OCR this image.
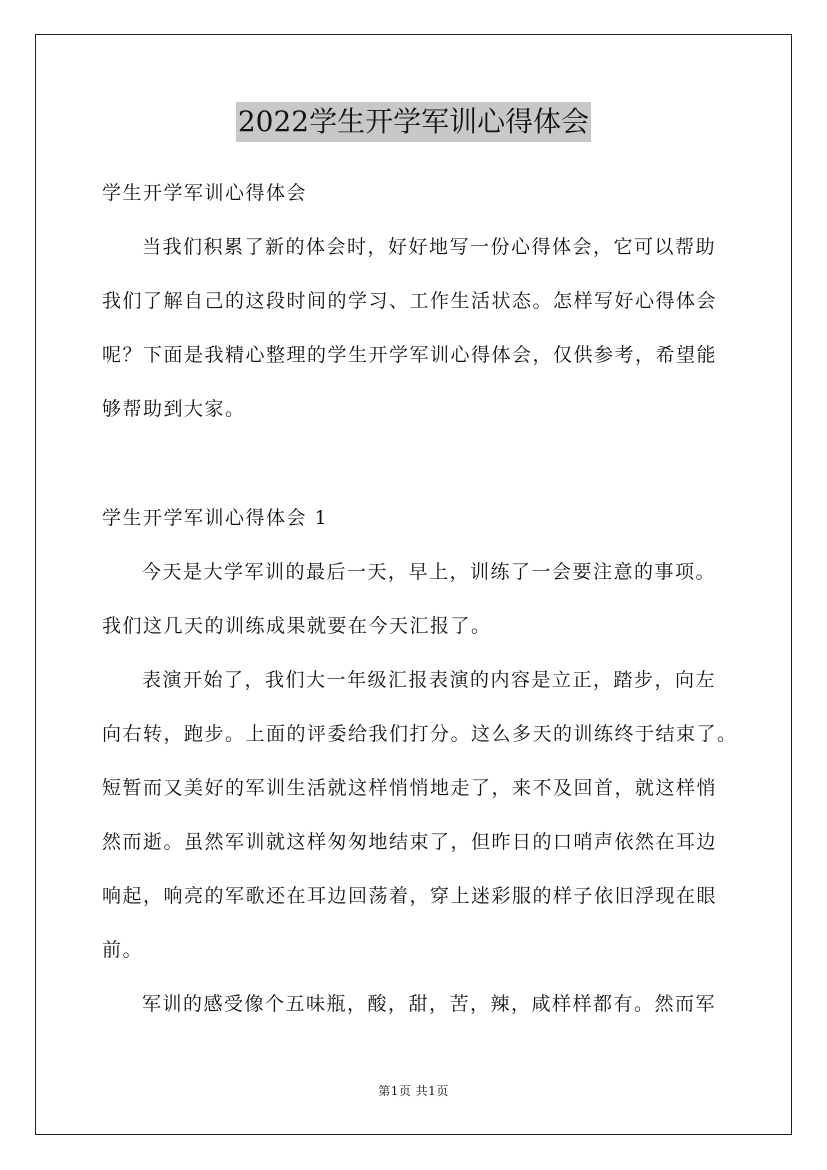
2022学生开学军训心得体会
学生开学军训心得体会
当我们积累了新的体会时，好好地写一份心得体会，它可以帮助
我们了解自己的这段时间的学习、工作生活状态。怎样写好心得体会
呢？下面是我精心整理的学生开学军训心得体会，仅供参考，希望能
够帮助到大家。
学生开学军训心得体会 1
今天是大学军训的最后一天，早上，训练了一会要注意的事项。
我们这几天的训练成果就要在今天汇报了。
表演开始了，我们大一年级汇报表演的内容是立正，踏步，向左
向右转，跑步。上面的评委给我们打分。这么多天的训练终于结束了。
短暂而又美好的军训生活就这样悄悄地走了，来不及回首，就这样悄
然而逝。虽然军训就这样匆匆地结束了，但昨日的口哨声依然在耳边
响起，响亮的军歌还在耳边回荡着，穿上迷彩服的样子依旧浮现在眼
前。
军训的感受像个五味瓶，酸，甜，苦，辣，咸样样都有。然而军
第1页 共1页
